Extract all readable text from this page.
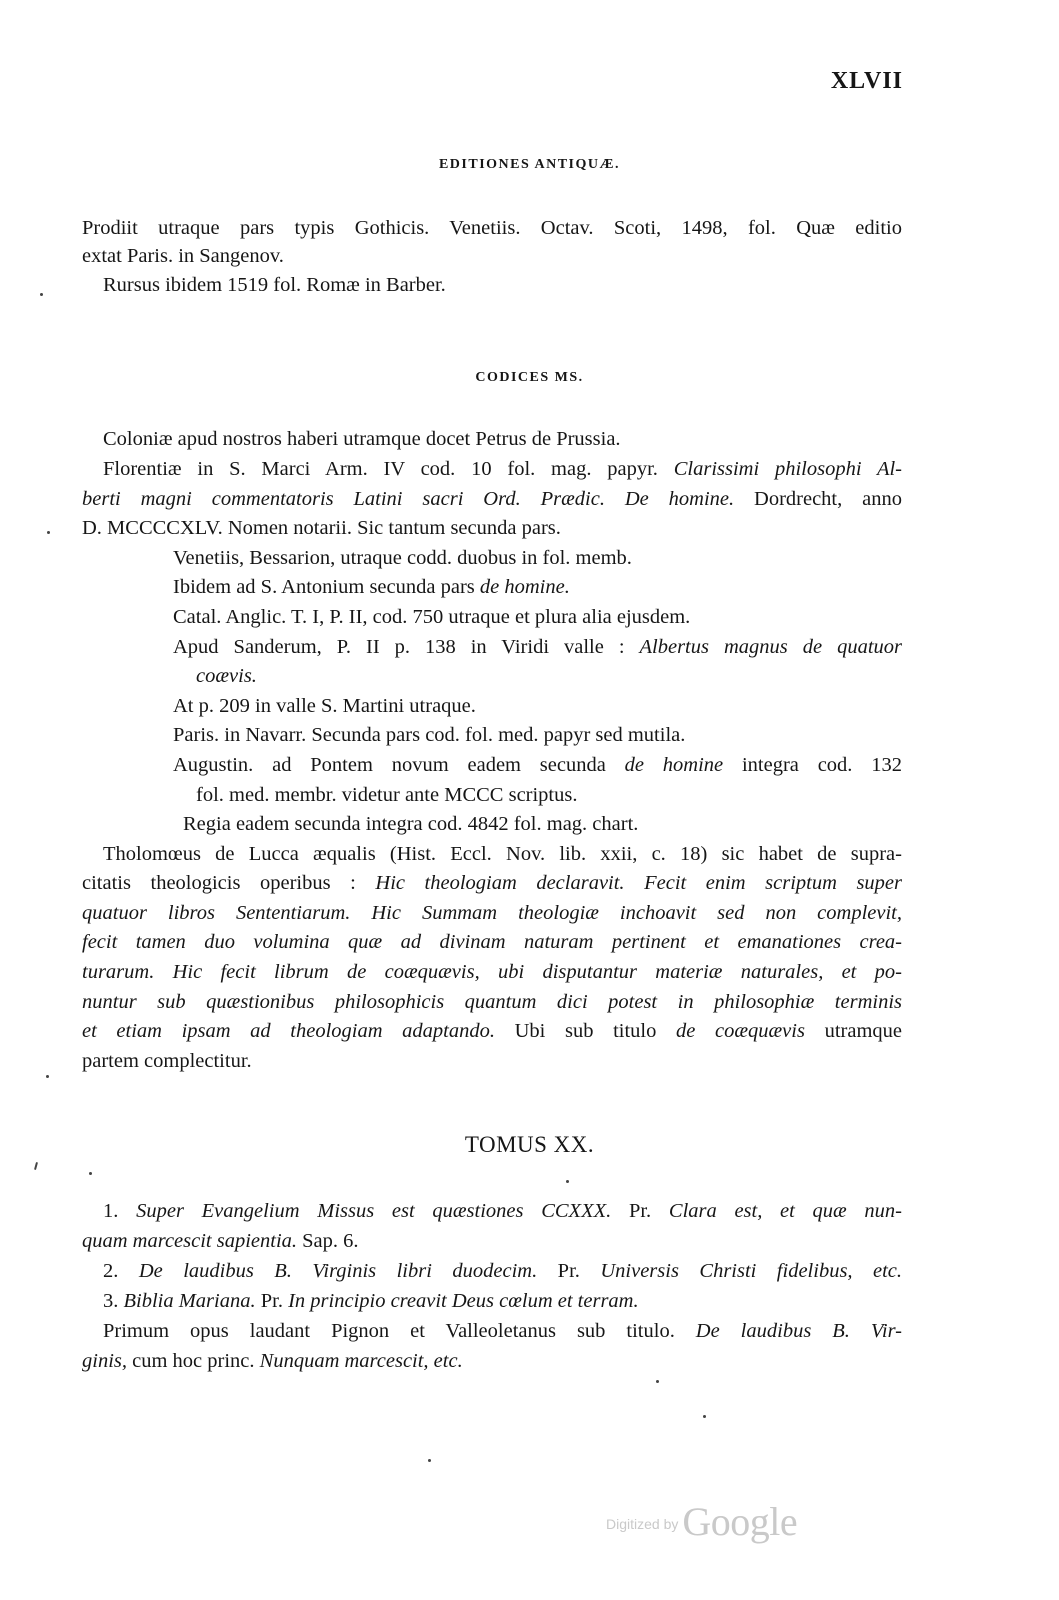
XLVII
EDITIONES ANTIQUÆ.
Prodiit utraque pars typis Gothicis. Venetiis. Octav. Scoti, 1498, fol. Quæ editio
extat Paris. in Sangenov.
Rursus ibidem 1519 fol. Romæ in Barber.
CODICES MS.
Coloniæ apud nostros haberi utramque docet Petrus de Prussia.
Florentiæ in S. Marci Arm. IV cod. 10 fol. mag. papyr. Clarissimi philosophi Al-
berti magni commentatoris Latini sacri Ord. Prædic. De homine. Dordrecht, anno
D. MCCCCXLV. Nomen notarii. Sic tantum secunda pars.
Venetiis, Bessarion, utraque codd. duobus in fol. memb.
Ibidem ad S. Antonium secunda pars de homine.
Catal. Anglic. T. I, P. II, cod. 750 utraque et plura alia ejusdem.
Apud Sanderum, P. II p. 138 in Viridi valle : Albertus magnus de quatuor
coævis.
At p. 209 in valle S. Martini utraque.
Paris. in Navarr. Secunda pars cod. fol. med. papyr sed mutila.
Augustin. ad Pontem novum eadem secunda de homine integra cod. 132
fol. med. membr. videtur ante MCCC scriptus.
Regia eadem secunda integra cod. 4842 fol. mag. chart.
Tholomœus de Lucca æqualis (Hist. Eccl. Nov. lib. xxii, c. 18) sic habet de supra-
citatis theologicis operibus : Hic theologiam declaravit. Fecit enim scriptum super
quatuor libros Sententiarum. Hic Summam theologiæ inchoavit sed non complevit,
fecit tamen duo volumina quæ ad divinam naturam pertinent et emanationes crea-
turarum. Hic fecit librum de coæquævis, ubi disputantur materiæ naturales, et po-
nuntur sub quæstionibus philosophicis quantum dici potest in philosophiæ terminis
et etiam ipsam ad theologiam adaptando. Ubi sub titulo de coæquævis utramque
partem complectitur.
TOMUS XX.
1. Super Evangelium Missus est quæstiones CCXXX. Pr. Clara est, et quæ nun-
quam marcescit sapientia. Sap. 6.
2. De laudibus B. Virginis libri duodecim. Pr. Universis Christi fidelibus, etc.
3. Biblia Mariana. Pr. In principio creavit Deus cœlum et terram.
Primum opus laudant Pignon et Valleoletanus sub titulo. De laudibus B. Vir-
ginis, cum hoc princ. Nunquam marcescit, etc.
Digitized by Google
